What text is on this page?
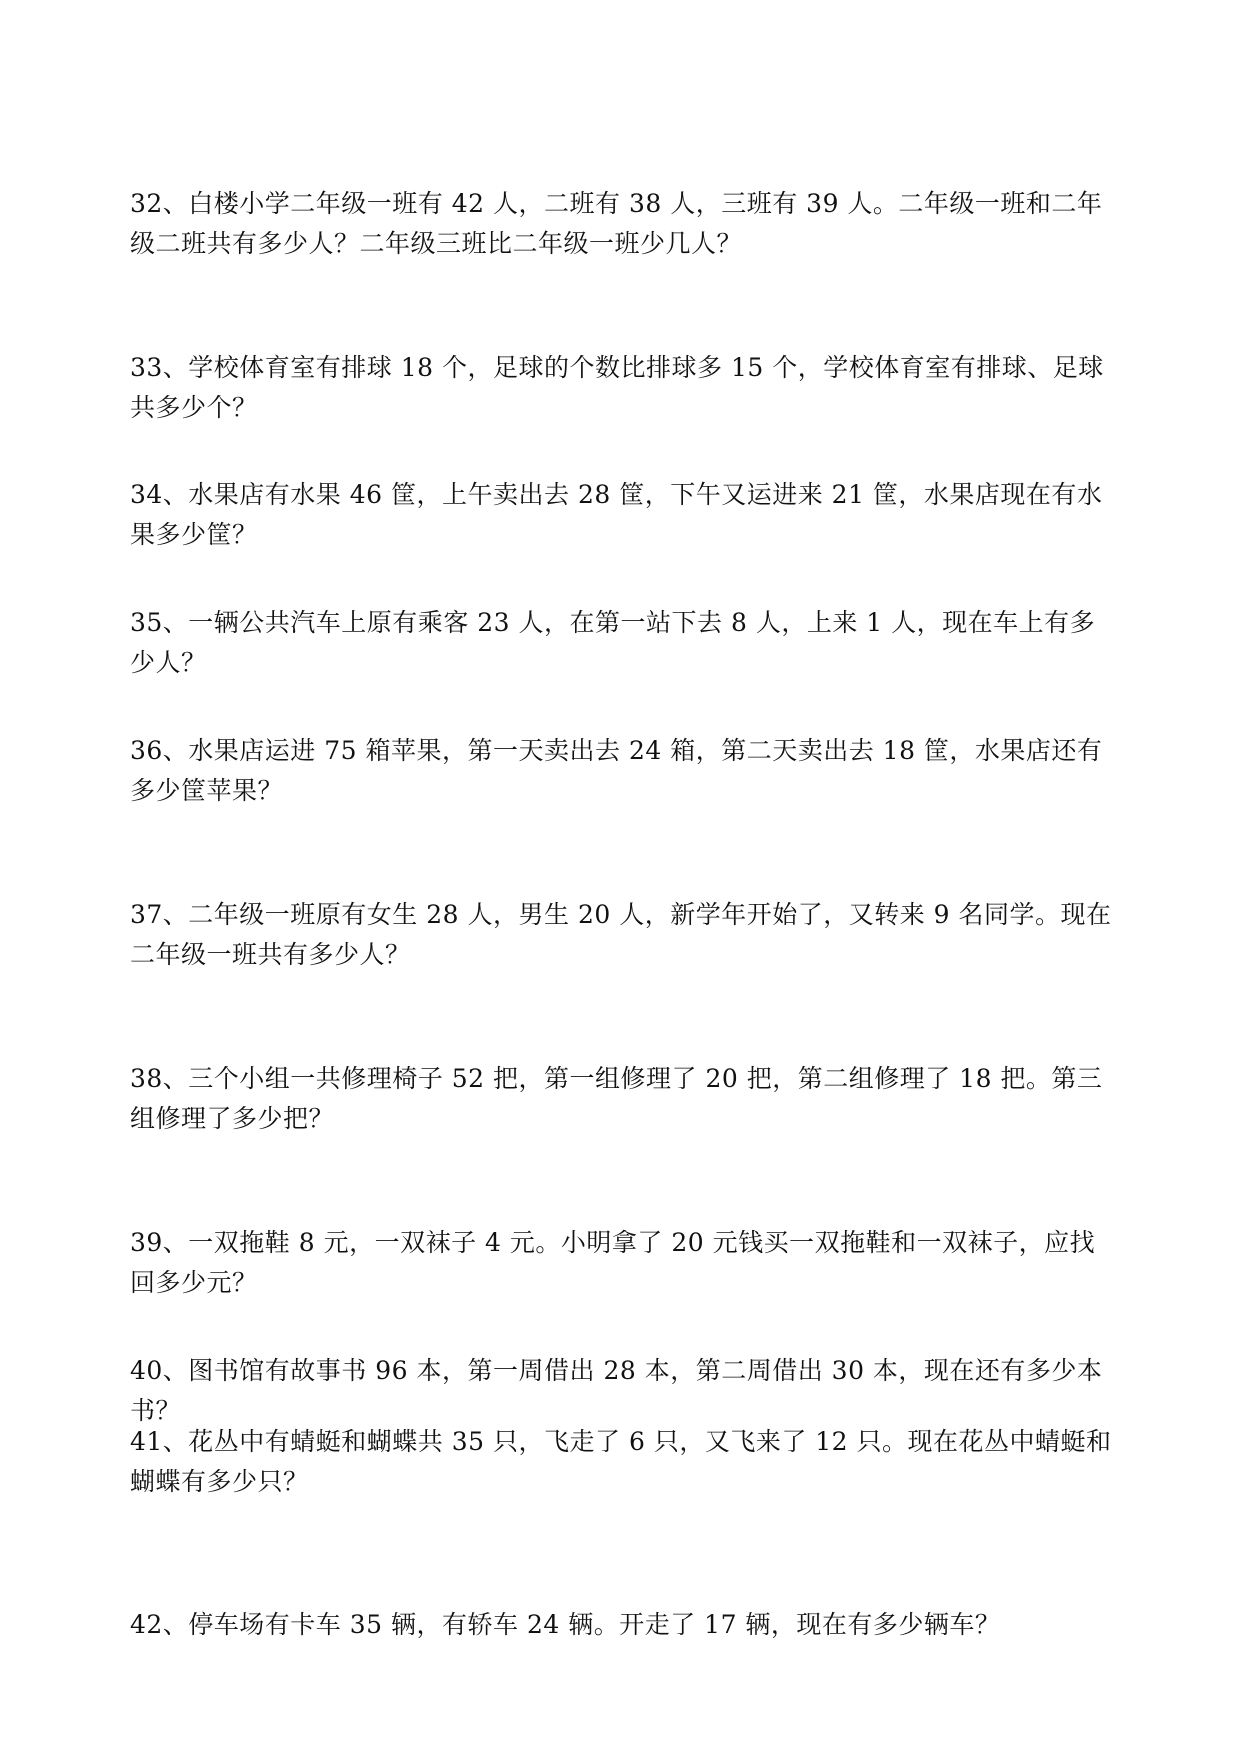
32、白楼小学二年级一班有 42 人，二班有 38 人，三班有 39 人。二年级一班和二年级二班共有多少人？二年级三班比二年级一班少几人？

33、学校体育室有排球 18 个，足球的个数比排球多 15 个，学校体育室有排球、足球共多少个？

34、水果店有水果 46 筐，上午卖出去 28 筐，下午又运进来 21 筐，水果店现在有水果多少筐？

35、一辆公共汽车上原有乘客 23 人，在第一站下去 8 人，上来 1 人，现在车上有多少人？

36、水果店运进 75 箱苹果，第一天卖出去 24 箱，第二天卖出去 18 筐，水果店还有多少筐苹果？

37、二年级一班原有女生 28 人，男生 20 人，新学年开始了，又转来 9 名同学。现在二年级一班共有多少人？

38、三个小组一共修理椅子 52 把，第一组修理了 20 把，第二组修理了 18 把。第三组修理了多少把？

39、一双拖鞋 8 元，一双袜子 4 元。小明拿了 20 元钱买一双拖鞋和一双袜子，应找回多少元？

40、图书馆有故事书 96 本，第一周借出 28 本，第二周借出 30 本，现在还有多少本书？

41、花丛中有蜻蜓和蝴蝶共 35 只，飞走了 6 只，又飞来了 12 只。现在花丛中蜻蜓和蝴蝶有多少只？

42、停车场有卡车 35 辆，有轿车 24 辆。开走了 17 辆，现在有多少辆车？
